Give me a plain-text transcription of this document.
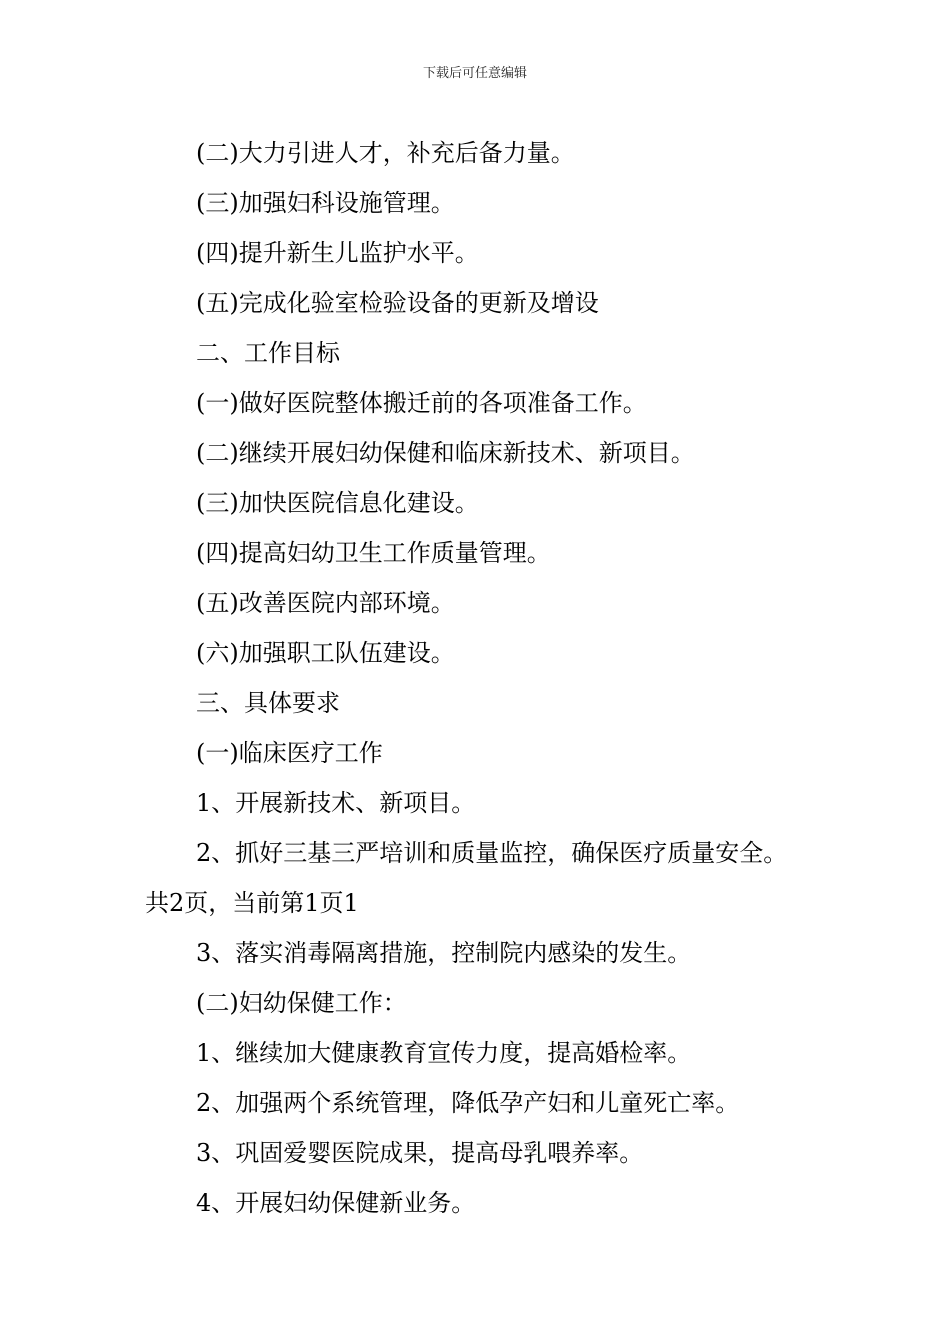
下载后可任意编辑
(二)大力引进人才，补充后备力量。
(三)加强妇科设施管理。
(四)提升新生儿监护水平。
(五)完成化验室检验设备的更新及增设
二、工作目标
(一)做好医院整体搬迁前的各项准备工作。
(二)继续开展妇幼保健和临床新技术、新项目。
(三)加快医院信息化建设。
(四)提高妇幼卫生工作质量管理。
(五)改善医院内部环境。
(六)加强职工队伍建设。
三、具体要求
(一)临床医疗工作
1、开展新技术、新项目。
2、抓好三基三严培训和质量监控，确保医疗质量安全。
共2页，当前第1页1
3、落实消毒隔离措施，控制院内感染的发生。
(二)妇幼保健工作：
1、继续加大健康教育宣传力度，提高婚检率。
2、加强两个系统管理，降低孕产妇和儿童死亡率。
3、巩固爱婴医院成果，提高母乳喂养率。
4、开展妇幼保健新业务。
